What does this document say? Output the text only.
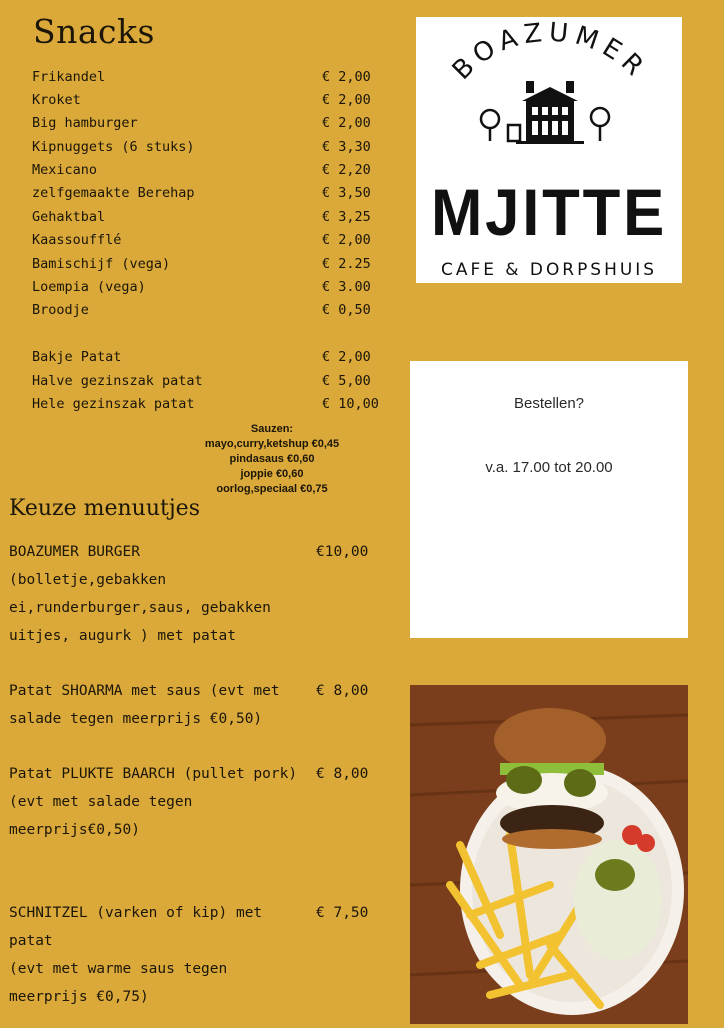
Snacks
Frikandel	€ 2,00
Kroket	€ 2,00
Big hamburger	€ 2,00
Kipnuggets (6 stuks)	€ 3,30
Mexicano	€ 2,20
zelfgemaakte Berehap	€ 3,50
Gehaktbal	€ 3,25
Kaassoufflé	€ 2,00
Bamischijf (vega)	€ 2.25
Loempia (vega)	€ 3.00
Broodje	€ 0,50
Bakje Patat	€ 2,00
Halve gezinszak patat	€ 5,00
Hele gezinszak patat	€ 10,00
Sauzen:
mayo,curry,ketshup €0,45
pindasaus €0,60
joppie €0,60
oorlog,speciaal €0,75
Keuze menuutjes
BOAZUMER BURGER
(bolletje,gebakken ei,runderburger,saus, gebakken uitjes, augurk ) met patat
€10,00
Patat SHOARMA met saus (evt met salade tegen meerprijs €0,50)
€ 8,00
Patat PLUKTE BAARCH (pullet pork)
(evt met salade tegen meerprijs€0,50)
€ 8,00
SCHNITZEL (varken of kip) met patat
(evt met warme saus tegen meerprijs €0,75)
€ 7,50
BOAZUMER
MJITTE
CAFE & DORPSHUIS
Bestellen?
v.a. 17.00 tot 20.00
